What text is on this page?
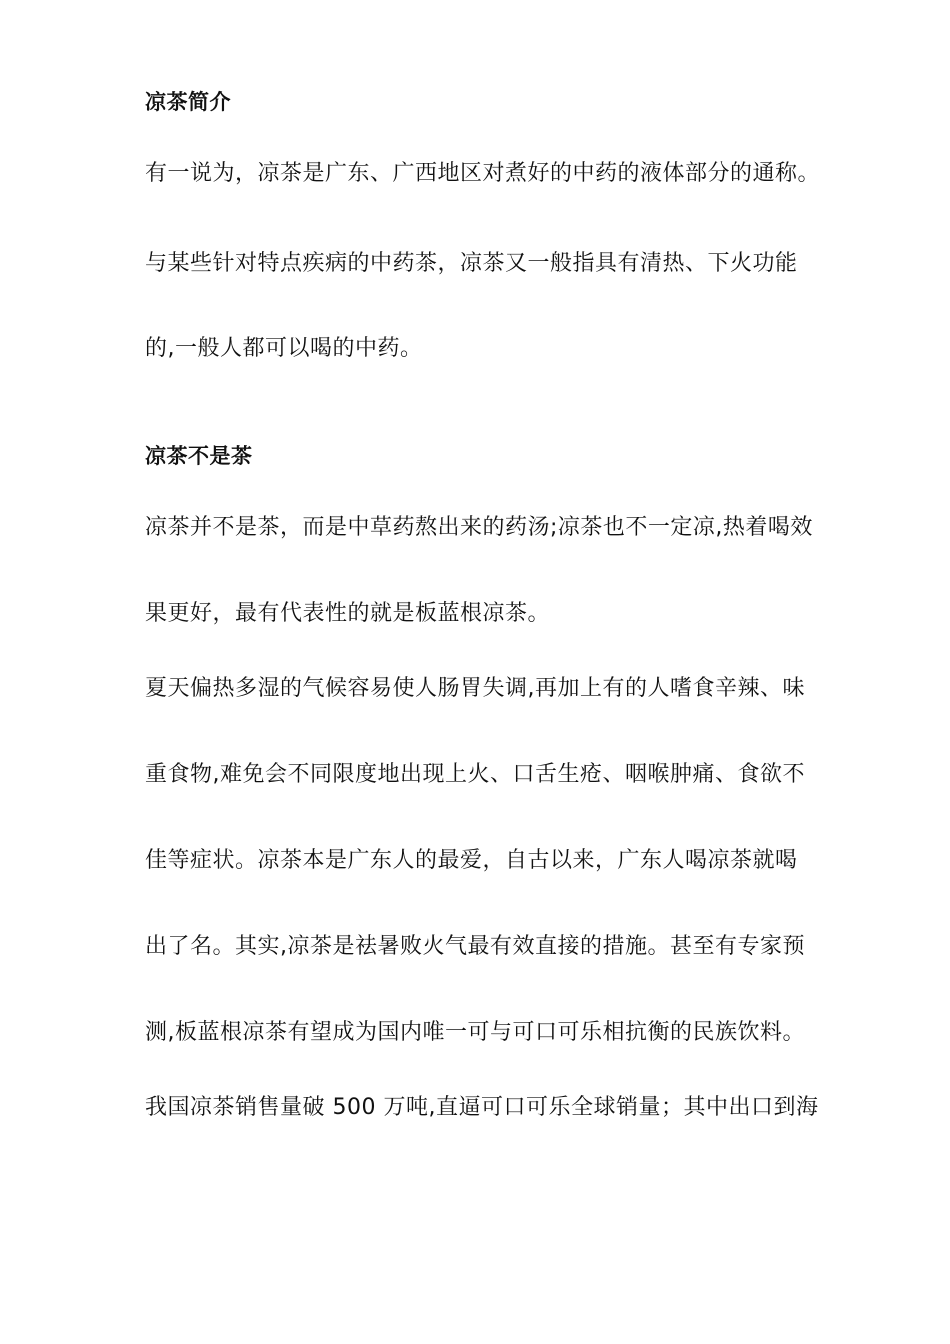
凉茶简介
有一说为，凉茶是广东、广西地区对煮好的中药的液体部分的通称。
与某些针对特点疾病的中药茶，凉茶又一般指具有清热、下火功能
的,一般人都可以喝的中药。
凉茶不是茶
凉茶并不是茶，而是中草药熬出来的药汤;凉茶也不一定凉,热着喝效
果更好，最有代表性的就是板蓝根凉茶。
夏天偏热多湿的气候容易使人肠胃失调,再加上有的人嗜食辛辣、味
重食物,难免会不同限度地出现上火、口舌生疮、咽喉肿痛、食欲不
佳等症状。凉茶本是广东人的最爱，自古以来，广东人喝凉茶就喝
出了名。其实,凉茶是祛暑败火气最有效直接的措施。甚至有专家预
测,板蓝根凉茶有望成为国内唯一可与可口可乐相抗衡的民族饮料。
我国凉茶销售量破 500 万吨,直逼可口可乐全球销量；其中出口到海
